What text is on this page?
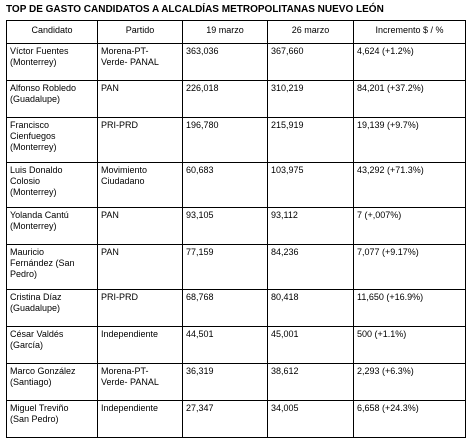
TOP DE GASTO CANDIDATOS A ALCALDÍAS METROPOLITANAS NUEVO LEÓN
Candidato	Partido	19 marzo	26 marzo	Incremento $ / %

Víctor Fuentes
(Monterrey)	Morena-PT-
Verde- PANAL	363,036	367,660	4,624 (+1.2%)

Alfonso Robledo
(Guadalupe)	PAN	226,018	310,219	84,201 (+37.2%)

Francisco
Cienfuegos
(Monterrey)	PRI-PRD	196,780	215,919	19,139 (+9.7%)

Luis Donaldo
Colosio
(Monterrey)	Movimiento
Ciudadano	60,683	103,975	43,292 (+71.3%)

Yolanda Cantú
(Monterrey)	PAN	93,105	93,112	7 (+,007%)

Mauricio
Fernández (San
Pedro)	PAN	77,159	84,236	7,077 (+9.17%)

Cristina Díaz
(Guadalupe)	PRI-PRD	68,768	80,418	11,650 (+16.9%)

César Valdés
(García)	Independiente	44,501	45,001	500 (+1.1%)

Marco González
(Santiago)	Morena-PT-
Verde- PANAL	36,319	38,612	2,293 (+6.3%)

Miguel Treviño
(San Pedro)	Independiente	27,347	34,005	6,658 (+24.3%)
